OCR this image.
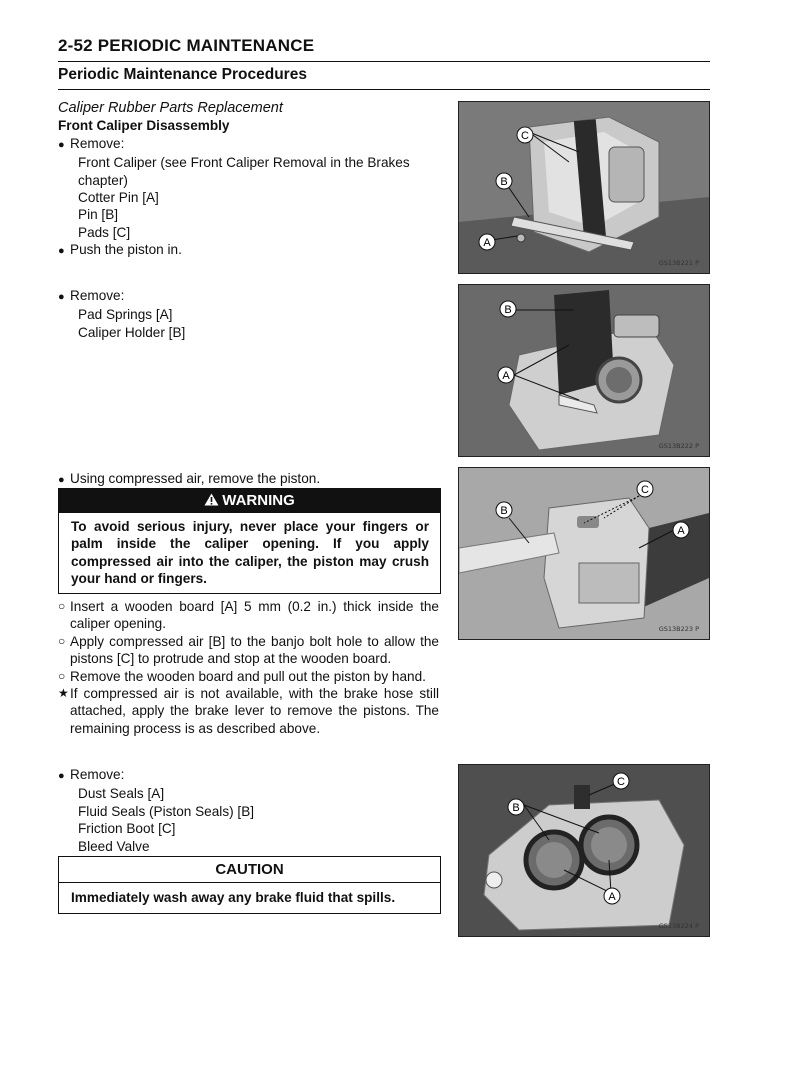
2-52 PERIODIC MAINTENANCE
Periodic Maintenance Procedures
Caliper Rubber Parts Replacement
Front Caliper Disassembly
● Remove:
Front Caliper (see Front Caliper Removal in the Brakes chapter)
Cotter Pin [A]
Pin [B]
Pads [C]
● Push the piston in.
● Remove:
Pad Springs [A]
Caliper Holder [B]
● Using compressed air, remove the piston.
WARNING
To avoid serious injury, never place your fingers or palm inside the caliper opening. If you apply compressed air into the caliper, the piston may crush your hand or fingers.
○ Insert a wooden board [A] 5 mm (0.2 in.) thick inside the caliper opening.
○ Apply compressed air [B] to the banjo bolt hole to allow the pistons [C] to protrude and stop at the wooden board.
○ Remove the wooden board and pull out the piston by hand.
★ If compressed air is not available, with the brake hose still attached, apply the brake lever to remove the pistons. The remaining process is as described above.
● Remove:
Dust Seals [A]
Fluid Seals (Piston Seals) [B]
Friction Boot [C]
Bleed Valve
CAUTION
Immediately wash away any brake fluid that spills.
C
B
A
GS13B221 P
B
A
GS13B222 P
B
C
A
GS13B223 P
B
C
A
GS13B224 P
